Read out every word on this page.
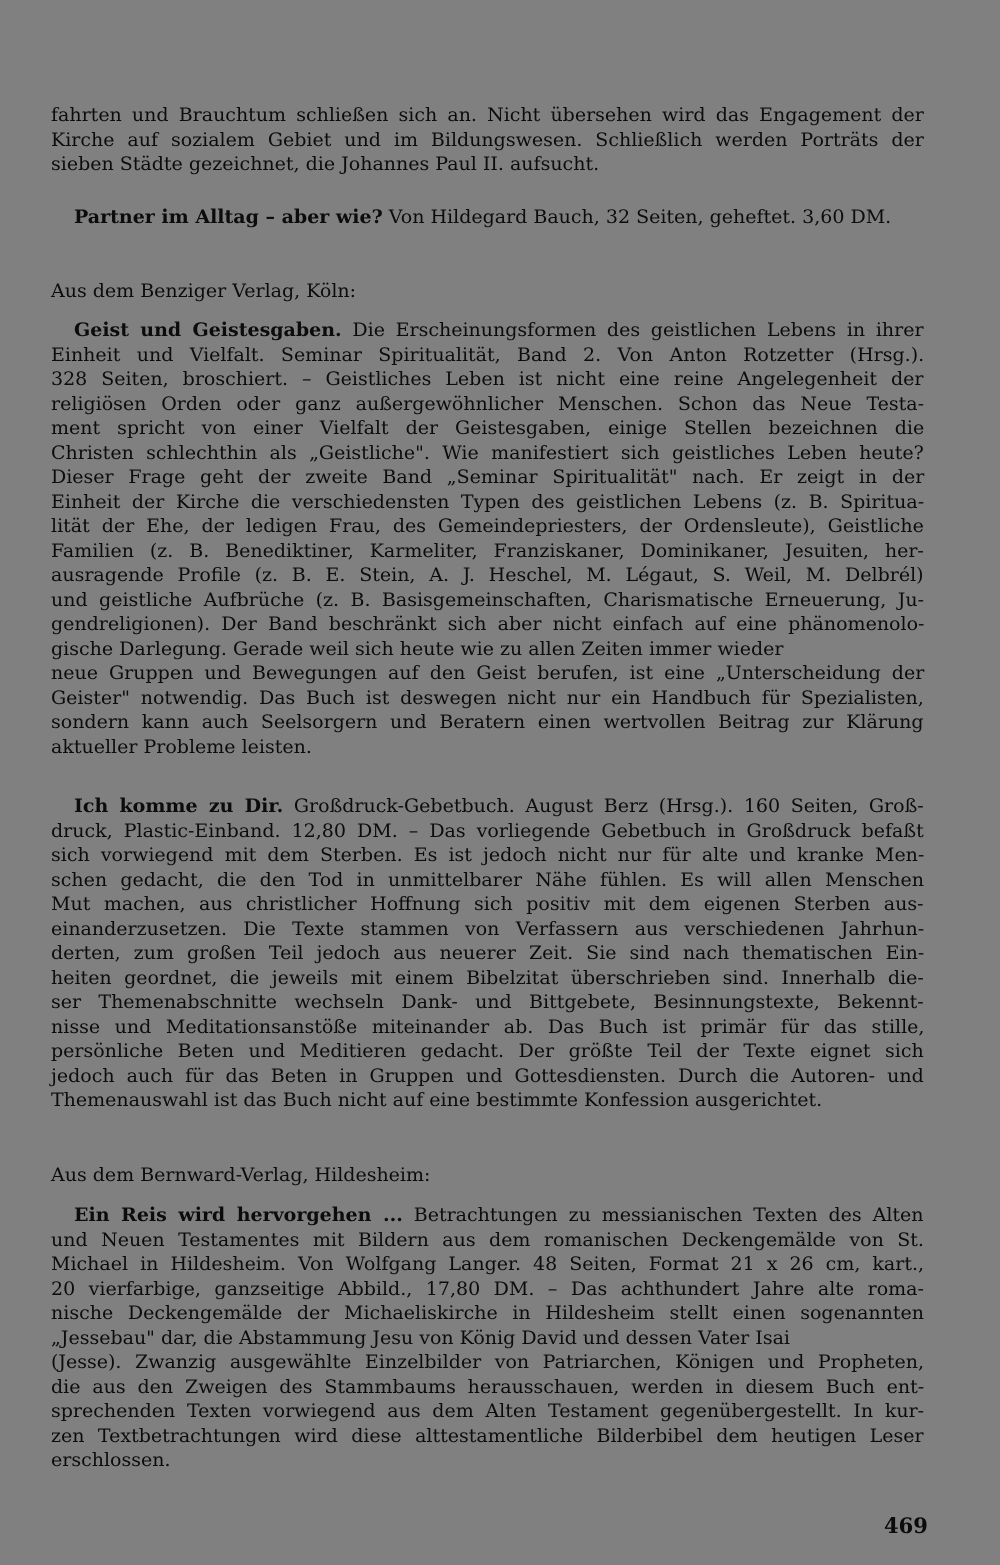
fahrten und Brauchtum schließen sich an. Nicht übersehen wird das Engagement der
Kirche auf sozialem Gebiet und im Bildungswesen. Schließlich werden Porträts der
sieben Städte gezeichnet, die Johannes Paul II. aufsucht.
Partner im Alltag – aber wie? Von Hildegard Bauch, 32 Seiten, geheftet. 3,60 DM.
Aus dem Benziger Verlag, Köln:
Geist und Geistesgaben. Die Erscheinungsformen des geistlichen Lebens in ihrer
Einheit und Vielfalt. Seminar Spiritualität, Band 2. Von Anton Rotzetter (Hrsg.).
328 Seiten, broschiert. – Geistliches Leben ist nicht eine reine Angelegenheit der
religiösen Orden oder ganz außergewöhnlicher Menschen. Schon das Neue Testa-
ment spricht von einer Vielfalt der Geistesgaben, einige Stellen bezeichnen die
Christen schlechthin als „Geistliche". Wie manifestiert sich geistliches Leben heute?
Dieser Frage geht der zweite Band „Seminar Spiritualität" nach. Er zeigt in der
Einheit der Kirche die verschiedensten Typen des geistlichen Lebens (z. B. Spiritua-
lität der Ehe, der ledigen Frau, des Gemeindepriesters, der Ordensleute), Geistliche
Familien (z. B. Benediktiner, Karmeliter, Franziskaner, Dominikaner, Jesuiten, her-
ausragende Profile (z. B. E. Stein, A. J. Heschel, M. Légaut, S. Weil, M. Delbrél)
und geistliche Aufbrüche (z. B. Basisgemeinschaften, Charismatische Erneuerung, Ju-
gendreligionen). Der Band beschränkt sich aber nicht einfach auf eine phänomenolo-
gische Darlegung. Gerade weil sich heute wie zu allen Zeiten immer wieder
neue Gruppen und Bewegungen auf den Geist berufen, ist eine „Unterscheidung der
Geister" notwendig. Das Buch ist deswegen nicht nur ein Handbuch für Spezialisten,
sondern kann auch Seelsorgern und Beratern einen wertvollen Beitrag zur Klärung
aktueller Probleme leisten.
Ich komme zu Dir. Großdruck-Gebetbuch. August Berz (Hrsg.). 160 Seiten, Groß-
druck, Plastic-Einband. 12,80 DM. – Das vorliegende Gebetbuch in Großdruck befaßt
sich vorwiegend mit dem Sterben. Es ist jedoch nicht nur für alte und kranke Men-
schen gedacht, die den Tod in unmittelbarer Nähe fühlen. Es will allen Menschen
Mut machen, aus christlicher Hoffnung sich positiv mit dem eigenen Sterben aus-
einanderzusetzen. Die Texte stammen von Verfassern aus verschiedenen Jahrhun-
derten, zum großen Teil jedoch aus neuerer Zeit. Sie sind nach thematischen Ein-
heiten geordnet, die jeweils mit einem Bibelzitat überschrieben sind. Innerhalb die-
ser Themenabschnitte wechseln Dank- und Bittgebete, Besinnungstexte, Bekennt-
nisse und Meditationsanstöße miteinander ab. Das Buch ist primär für das stille,
persönliche Beten und Meditieren gedacht. Der größte Teil der Texte eignet sich
jedoch auch für das Beten in Gruppen und Gottesdiensten. Durch die Autoren- und
Themenauswahl ist das Buch nicht auf eine bestimmte Konfession ausgerichtet.
Aus dem Bernward-Verlag, Hildesheim:
Ein Reis wird hervorgehen ... Betrachtungen zu messianischen Texten des Alten
und Neuen Testamentes mit Bildern aus dem romanischen Deckengemälde von St.
Michael in Hildesheim. Von Wolfgang Langer. 48 Seiten, Format 21 x 26 cm, kart.,
20 vierfarbige, ganzseitige Abbild., 17,80 DM. – Das achthundert Jahre alte roma-
nische Deckengemälde der Michaeliskirche in Hildesheim stellt einen sogenannten
„Jessebau" dar, die Abstammung Jesu von König David und dessen Vater Isai
(Jesse). Zwanzig ausgewählte Einzelbilder von Patriarchen, Königen und Propheten,
die aus den Zweigen des Stammbaums herausschauen, werden in diesem Buch ent-
sprechenden Texten vorwiegend aus dem Alten Testament gegenübergestellt. In kur-
zen Textbetrachtungen wird diese alttestamentliche Bilderbibel dem heutigen Leser
erschlossen.
469
